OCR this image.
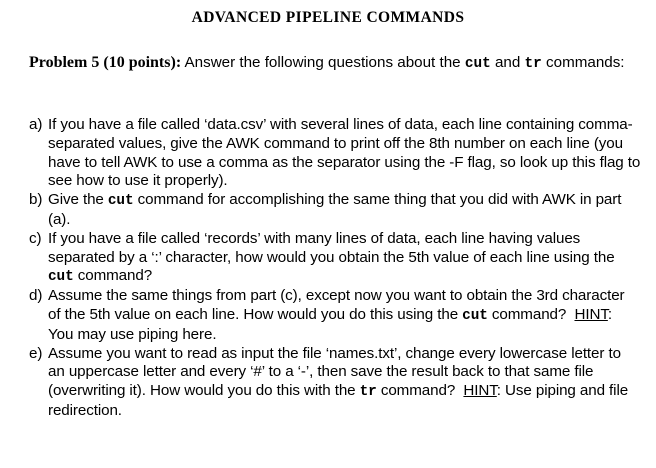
ADVANCED PIPELINE COMMANDS
Problem 5 (10 points): Answer the following questions about the cut and tr commands:
a) If you have a file called ‘data.csv’ with several lines of data, each line containing comma-separated values, give the AWK command to print off the 8th number on each line (you have to tell AWK to use a comma as the separator using the -F flag, so look up this flag to see how to use it properly).
b) Give the cut command for accomplishing the same thing that you did with AWK in part (a).
c) If you have a file called ‘records’ with many lines of data, each line having values separated by a ‘:’ character, how would you obtain the 5th value of each line using the cut command?
d) Assume the same things from part (c), except now you want to obtain the 3rd character of the 5th value on each line. How would you do this using the cut command?  HINT: You may use piping here.
e) Assume you want to read as input the file ‘names.txt’, change every lowercase letter to an uppercase letter and every ‘#’ to a ‘-’, then save the result back to that same file (overwriting it). How would you do this with the tr command?  HINT: Use piping and file redirection.
